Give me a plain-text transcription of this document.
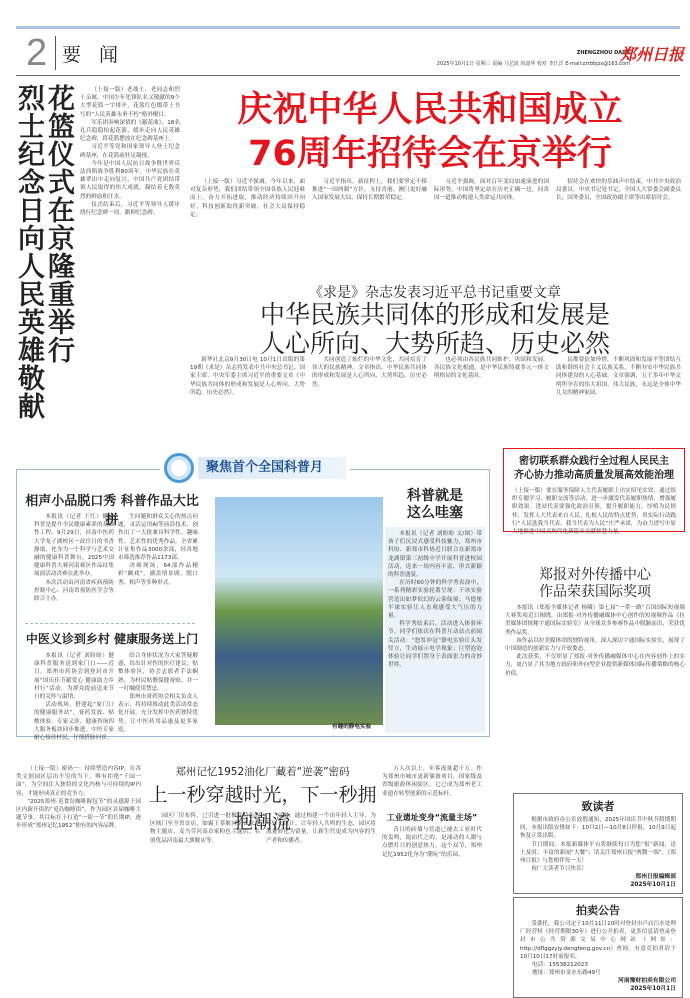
2 要 闻	ZHENGZHOU DAILY
2025年10月1日 星期三 责编 马艺波 尚韶华 校对 李江洋 E-mail:zzrbbjzx@163.com
郑州日报
花篮仪式在京隆重举行
烈士纪念日向人民英雄敬献	（上接一版）老战士、老同志和烈士亲属，中国少年先锋队名义敬献的9个大型花篮一字排开，花篮红色缎带上书写的“人民英雄永垂不朽”格外醒目。

军乐团奏响深情的《献花曲》，18名礼兵稳稳抬起花篮，缓步走向人民英雄纪念碑，将花篮摆放在纪念碑基座上。

习近平等党和国家领导人登上纪念碑基座，在花篮前驻足凝视。

今年是中国人民抗日战争暨世界反法西斯战争胜利80周年。中华民族在英雄辈出中走向复兴，中国共产党团结带领人民取得的伟大成就，凝结着无数英烈的鲜血和汗水。

仪式结束后，习近平等领导人缓步绕行纪念碑一周，瞻仰纪念碑。

庆祝中华人民共和国成立
76周年招待会在京举行

（上接一版）习近平强调，今年以来，面对复杂形势，我们团结带领全国各族人民迎难而上，奋力开拓进取，推动经济持续回升向好，科技创新取得新突破，社会大局保持稳定。

习近平指出，新征程上，我们要坚定不移推进“一国两制”方针，支持香港、澳门更好融入国家发展大局，保持长期繁荣稳定。

习近平强调，面对百年变局加速演进的国际形势，中国将坚定站在历史正确一边，同各国一道推动构建人类命运共同体。

招待会在欢快的乐曲声中结束。中共中央政治局委员、中央书记处书记，全国人大常委会副委员长，国务委员，全国政协副主席等出席招待会。

《求是》杂志发表习近平总书记重要文章
中华民族共同体的形成和发展是
人心所向、大势所趋、历史必然

新华社北京9月30日电 10月1日出版的第19期《求是》杂志将发表中共中央总书记、国家主席、中央军委主席习近平的重要文章《中华民族共同体的形成和发展是人心所向、大势所趋、历史必然》。

共同创造了灿烂的中华文化，共同培育了伟大的民族精神。文章指出，中华民族共同体的形成和发展是人心所向、大势所趋、历史必然。

也必须由各民族共同维护、巩固和发展。各民族文化相通，是中华民族铸就多元一体文明格局的文化基因。

民都要倍加珍惜，不断巩固和发展平等团结互助和谐的社会主义民族关系，不断夯实中华民族共同体建设的人心基础。文章强调，五千多年中华文明所孕育的伟大祖国、伟大民族，永远是全体中华儿女的精神家园。

聚焦首个全国科普月
相声小品脱口秀 科普作品大比拼

本报讯（记者 王红）健康科普是提升全民健康素养的基础性工程。9月29日，河南中医药大学龙子湖校区一改往日的书香静谧，化身为一个科学与艺术交融的健康科普舞台，2025中国健康科普大赛河南赛区作品征集展演活动决赛在此举办。

本次活动由河南省疾病预防控制中心、河南省预防医学会等联合主办。

生问题和群众关心的热点问题，灵活运用AI等前沿技术，创作出了一大批兼具科学性、趣味性、艺术性的优秀作品。全省累计征集作品3000余部，经各地市筛选推荐作品1173部。

决赛现场，64部作品精彩“飙戏”，涵盖情景剧、脱口秀、相声等多种形式。

中医义诊到乡村 健康服务送上门

本报讯（记者 刘盼盼）健康科普服务送到家门口——近日，郑州市药协会到登封市开展“国庆佳节献爱心 健康助力乡村行”活动，为群众提前送来节日的关怀与温情。

活动现场，搭建起“家门口的健康服务站”，膏药发放、贴敷体验、专家义诊、健康咨询四大服务板块同步推进。中医专家耐心接待村民，仔细搭脉问诊。

结合身体状况为大家答疑解惑，给出针对性的医疗建议；贴敷体验区，协会志愿者手法娴熟，为村民贴敷保健膏贴，并一一叮嘱使用禁忌。

郑州市膏药协会相关负责人表示，将持续推动此类活动常态化开展，充分发挥中医药独特优势，让中医药用品惠及更多家庭。	有趣的静电实验
科普就是
这么哇塞

本报讯（记者 刘盼盼 文/图）带孩子们沉浸式感受科技魅力，郑州市科协、新郑市科协近日联合在新郑市龙湖镇第三初级中学开展科普进校园活动，送来一场内容丰富、形式新颖的科普盛宴。

在历时60分钟的科学秀表演中，一系列精彩实验轮番呈现：干冰实验营造出如梦似幻的云雾仙境；马德堡半球实验让人直观感受大气压的力量。

科学秀结束后，活动进入体验环节。同学们依次在科普互动站点前闻关活动：“怒发冲冠”静电实验让头发竖立，生动展示电学现象；巨型泡泡体验让同学们置身于表面张力的奇妙世界。

密切联系群众践行全过程人民民主
齐心协力推动高质量发展高效能治理
（上接一版）要在服务保障人大代表履职上出实招见实效，通过组织专题学习、履职交流等活动，进一步激发代表履职热情，增强履职效果。进站代表要强化政治引领，提升履职能力，厚植为民情怀，发挥人大代表来自人民、扎根人民的特点优势，用实际行动践行“人民选我当代表，我当代表为人民”庄严承诺，为奋力谱写中原大地推进中国式现代化新篇章贡献智慧力量。
郑报对外传播中心
作品荣获国际奖项

本报讯（郑报全媒体记者 杨曦）第七届“一带一路”百国国际短视频大赛奖项近日揭晓，由郑报·对外传播融媒体中心创作的短视频作品《拉美媒体团探秘宇通国际实验室》从全球众多参赛作品中脱颖而出，荣获优秀作品奖。

该作品以拉美媒体团的独特视角，深入探访宇通国际实验室，展现了中国制造的创新实力与开放姿态。

此次获奖，不仅彰显了郑报·对外传播融媒体中心在内容创作上的实力，更凸显了其为地方政府和外向型企业提供新媒体国际传播策略的核心价值。

（上接一版）密码一：持续塑造内容IP。在各类文创园区层出不穷的当下，唯有拒绝“千园一面”，为空间注入独特的文化内核与可持续的IP内容，才能形成真正的竞争力。

“2025郑州·觅食岛咖啡握包节”的灵感源于园区内新开街的“觅岛咖啡街”，作为园区首届咖啡主题节事，其目标在于打造“一街一节”的长期IP，逐步形成“郑州记忆1952”独有的内容品牌。

郑州记忆1952油化厂藏着“逆袭”密码
上一秒穿越时光，下一秒拥抱潮流

园区厂房布阵，已引进一批极具特色的区域门至全省首店，如霸王茶姬河南首家宽物主题店、麦当劳河南首家粉色主题店、名创优品河南最大旗舰店等。

交融。通过构建一个由年轻人主导、为年轻人设计、让年轻人共鸣的生态，园区将流量转化为留量，让新生代更成为内容的生产者和传播者。

万人次以上，年客流量超千万。作为郑州市城市更新储备项目，国家级及省级旅游休闲街区，它已成为郑州老工业遗存转型创新的示范标杆。

工业遗址变身“流量主场”

昔日的砖墙与管道已褪去工业时代的轰鸣，取而代之的，是涌动的人潮与点燃灯日的创意热力。这个双节，郑州记忆1952化身为“潮玩”的乐园。

致读者

根据市政府办公室放假通知，2025年国庆节中秋节假期期间，本报出版安排如下：10月2日—10月8日停报，10月9日起恢复正常出版。

节日期间，本报新媒体平台将继续每日为您“报”新闻，送上及时、丰富的新闻“大餐”；请关注郑州日报“两微一端”，《郑州日报》与您相伴每一天！

祝广大读者节日快乐！

郑州日报编辑部
2025年10月1日
拍卖公告

受委托，我公司定于10月11日10时对登封市卢店污水处理厂经营权（经营期限30年）进行公开拍卖，更多信息请登录登封市公共资源交易中心网站（网址：http://dflggzyjy.dengfeng.gov.cn）查询。有意竞拍者请于10月10日17时前报名。

电话：15538212023
地址：郑州市金水东路49号
河南豫财拍卖有限公司
2025年10月1日
